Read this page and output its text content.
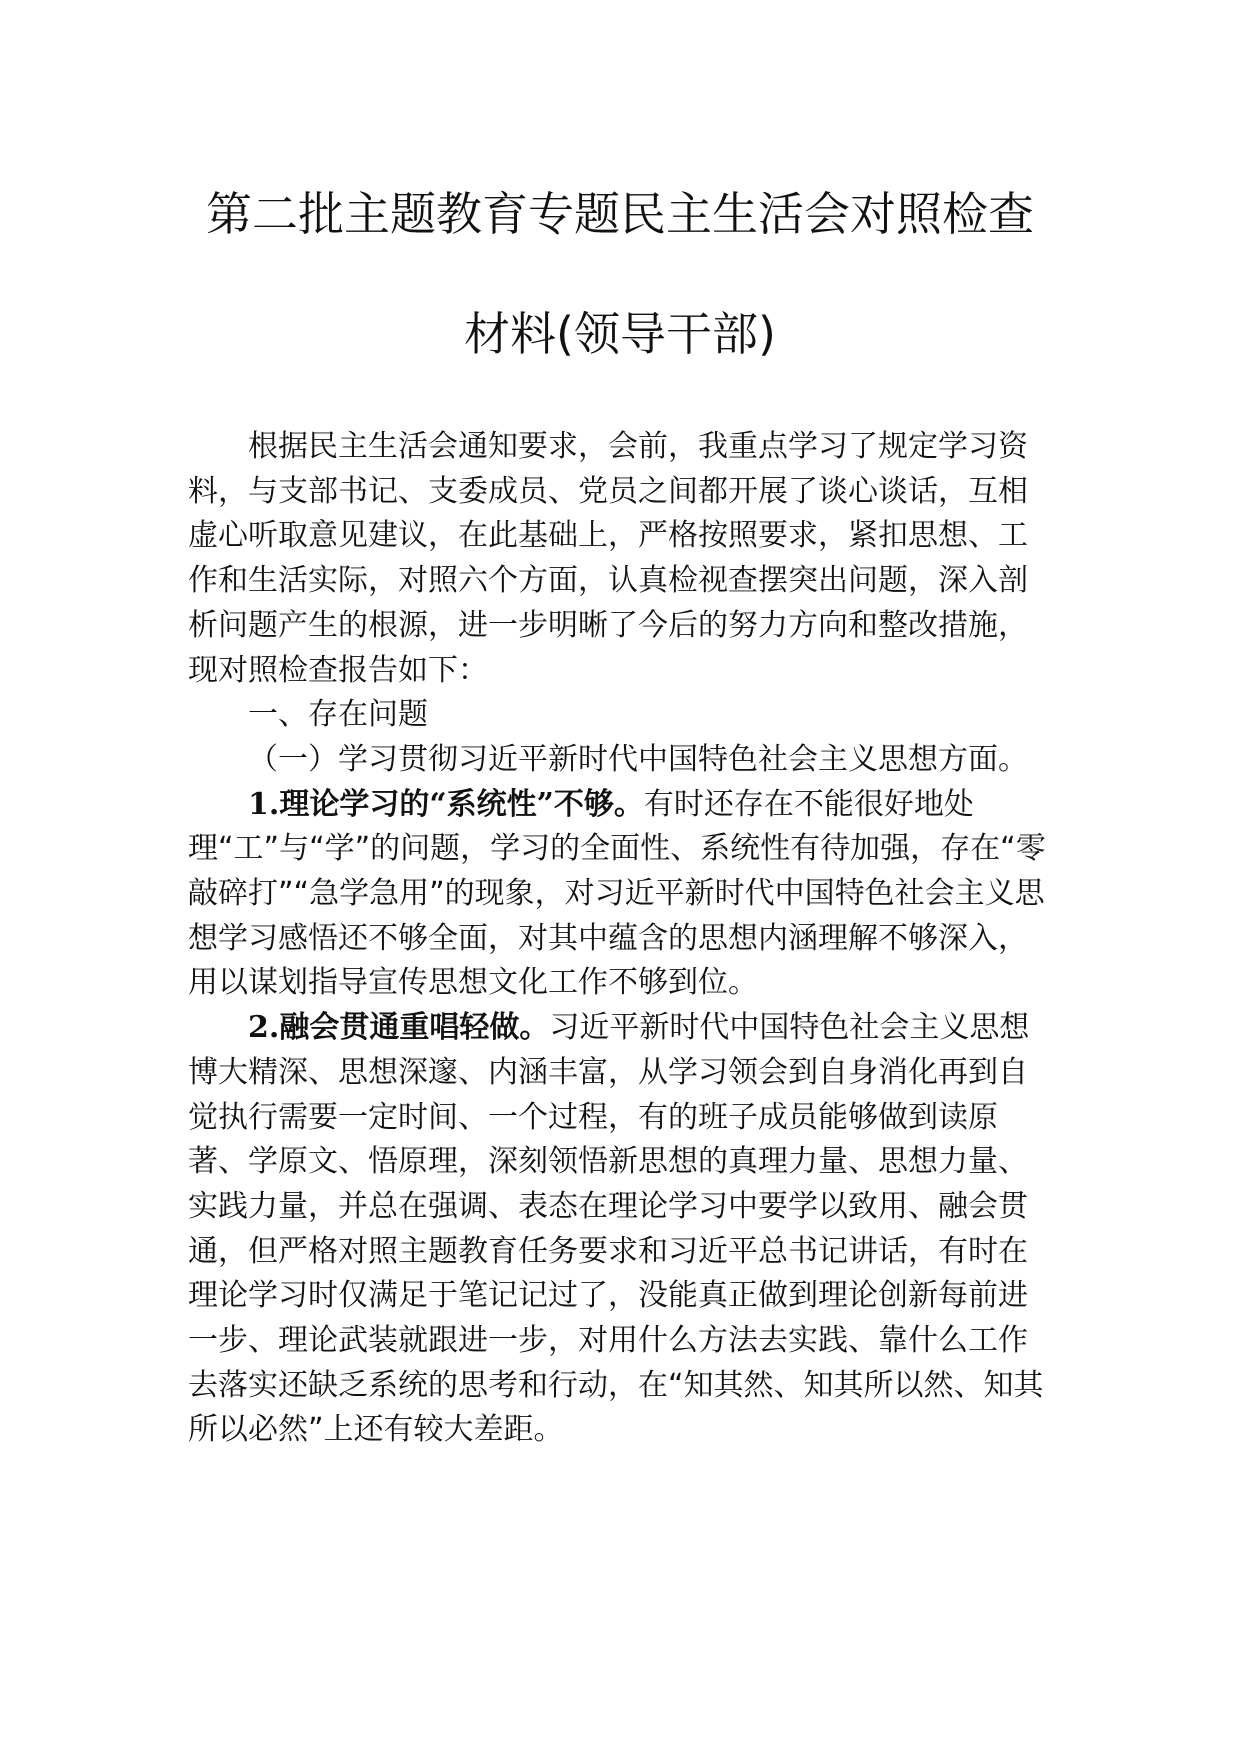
第二批主题教育专题民主生活会对照检查
材料(领导干部)

根据民主生活会通知要求，会前，我重点学习了规定学习资料，与支部书记、支委成员、党员之间都开展了谈心谈话，互相虚心听取意见建议，在此基础上，严格按照要求，紧扣思想、工作和生活实际，对照六个方面，认真检视查摆突出问题，深入剖析问题产生的根源，进一步明晰了今后的努力方向和整改措施，现对照检查报告如下：

一、存在问题

（一）学习贯彻习近平新时代中国特色社会主义思想方面。

1.理论学习的“系统性”不够。有时还存在不能很好地处理“工”与“学”的问题，学习的全面性、系统性有待加强，存在“零敲碎打”“急学急用”的现象，对习近平新时代中国特色社会主义思想学习感悟还不够全面，对其中蕴含的思想内涵理解不够深入，用以谋划指导宣传思想文化工作不够到位。

2.融会贯通重唱轻做。习近平新时代中国特色社会主义思想博大精深、思想深邃、内涵丰富，从学习领会到自身消化再到自觉执行需要一定时间、一个过程，有的班子成员能够做到读原著、学原文、悟原理，深刻领悟新思想的真理力量、思想力量、实践力量，并总在强调、表态在理论学习中要学以致用、融会贯通，但严格对照主题教育任务要求和习近平总书记讲话，有时在理论学习时仅满足于笔记记过了，没能真正做到理论创新每前进一步、理论武装就跟进一步，对用什么方法去实践、靠什么工作去落实还缺乏系统的思考和行动，在“知其然、知其所以然、知其所以必然”上还有较大差距。
